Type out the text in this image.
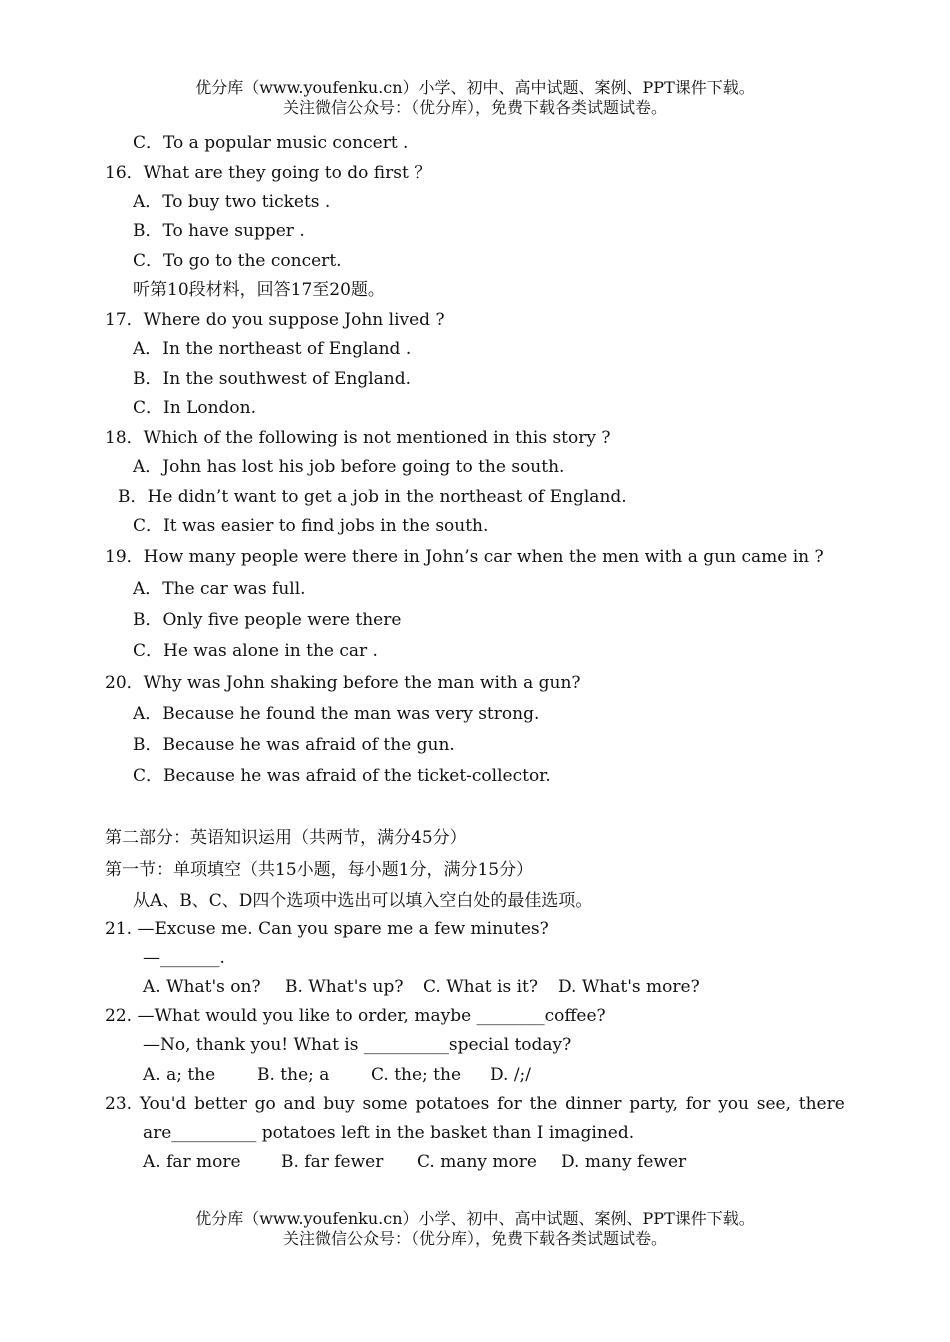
优分库（www.youfenku.cn）小学、初中、高中试题、案例、PPT课件下载。
关注微信公众号：（优分库），免费下载各类试题试卷。
C．To a popular music concert .
16．What are they going to do first ？
A．To buy two tickets .
B．To have supper .
C．To go to the concert.
听第10段材料，回答17至20题。
17．Where do you suppose John lived ?
A．In the northeast of England .
B．In the southwest of England.
C．In London.
18．Which of the following is not mentioned in this story ?
A．John has lost his job before going to the south.
B．He didn’t want to get a job in the northeast of England.
C．It was easier to find jobs in the south.
19．How many people were there in John’s car when the men with a gun came in ?
A．The car was full.
B．Only five people were there
C．He was alone in the car .
20．Why was John shaking before the man with a gun?
A．Because he found the man was very strong.
B．Because he was afraid of the gun.
C．Because he was afraid of the ticket-collector.
第二部分：英语知识运用（共两节，满分45分）
第一节：单项填空（共15小题，每小题1分，满分15分）
从A、B、C、D四个选项中选出可以填入空白处的最佳选项。
21. —Excuse me. Can you spare me a few minutes?
—_______.
A. What's on? B. What's up? C. What is it? D. What's more?
22. —What would you like to order, maybe ________coffee?
—No, thank you! What is __________special today?
A. a; the B. the; a C. the; the D. /;/
23. You'd better go and buy some potatoes for the dinner party, for you see, there
are__________ potatoes left in the basket than I imagined.
A. far more B. far fewer C. many more D. many fewer
优分库（www.youfenku.cn）小学、初中、高中试题、案例、PPT课件下载。
关注微信公众号：（优分库），免费下载各类试题试卷。
